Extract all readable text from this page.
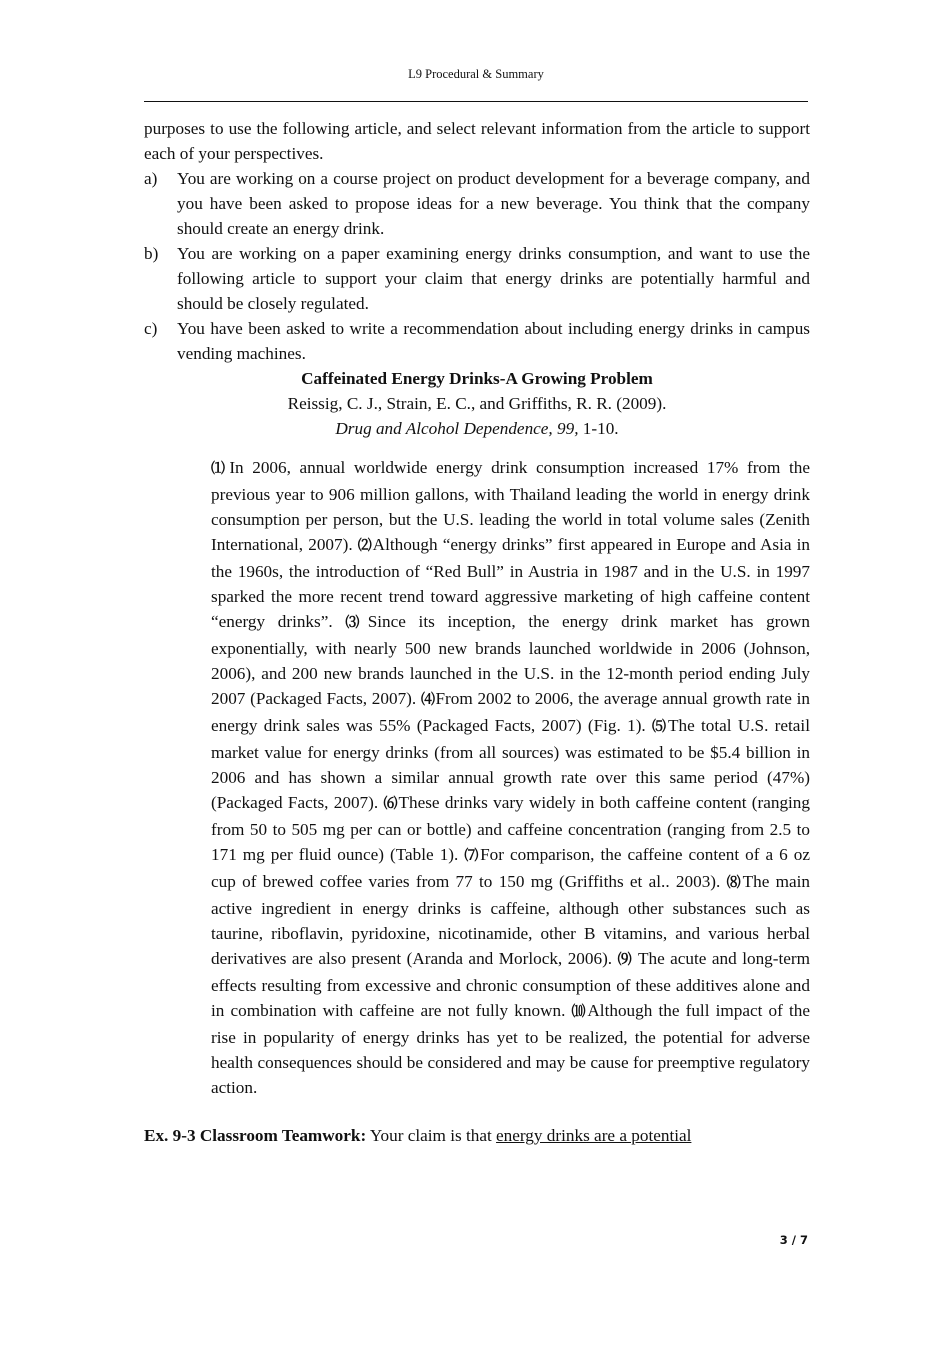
L9 Procedural & Summary

purposes to use the following article, and select relevant information from the article to support each of your perspectives.

a)	You are working on a course project on product development for a beverage company, and you have been asked to propose ideas for a new beverage. You think that the company should create an energy drink.
b)	You are working on a paper examining energy drinks consumption, and want to use the following article to support your claim that energy drinks are potentially harmful and should be closely regulated.
c)	You have been asked to write a recommendation about including energy drinks in campus vending machines.
Caffeinated Energy Drinks-A Growing Problem
Reissig, C. J., Strain, E. C., and Griffiths, R. R. (2009).
Drug and Alcohol Dependence, 99, 1-10.
⑴In 2006, annual worldwide energy drink consumption increased 17% from the previous year to 906 million gallons, with Thailand leading the world in energy drink consumption per person, but the U.S. leading the world in total volume sales (Zenith International, 2007). ⑵Although “energy drinks” first appeared in Europe and Asia in the 1960s, the introduction of “Red Bull” in Austria in 1987 and in the U.S. in 1997 sparked the more recent trend toward aggressive marketing of high caffeine content “energy drinks”. ⑶Since its inception, the energy drink market has grown exponentially, with nearly 500 new brands launched worldwide in 2006 (Johnson, 2006), and 200 new brands launched in the U.S. in the 12-month period ending July 2007 (Packaged Facts, 2007). ⑷From 2002 to 2006, the average annual growth rate in energy drink sales was 55% (Packaged Facts, 2007) (Fig. 1). ⑸The total U.S. retail market value for energy drinks (from all sources) was estimated to be $5.4 billion in 2006 and has shown a similar annual growth rate over this same period (47%) (Packaged Facts, 2007). ⑹These drinks vary widely in both caffeine content (ranging from 50 to 505 mg per can or bottle) and caffeine concentration (ranging from 2.5 to 171 mg per fluid ounce) (Table 1). ⑺For comparison, the caffeine content of a 6 oz cup of brewed coffee varies from 77 to 150 mg (Griffiths et al.. 2003). ⑻The main active ingredient in energy drinks is caffeine, although other substances such as taurine, riboflavin, pyridoxine, nicotinamide, other B vitamins, and various herbal derivatives are also present (Aranda and Morlock, 2006). ⑼ The acute and long-term effects resulting from excessive and chronic consumption of these additives alone and in combination with caffeine are not fully known. ⑽Although the full impact of the rise in popularity of energy drinks has yet to be realized, the potential for adverse health consequences should be considered and may be cause for preemptive regulatory action.
Ex. 9-3 Classroom Teamwork: Your claim is that energy drinks are a potential
3 / 7
